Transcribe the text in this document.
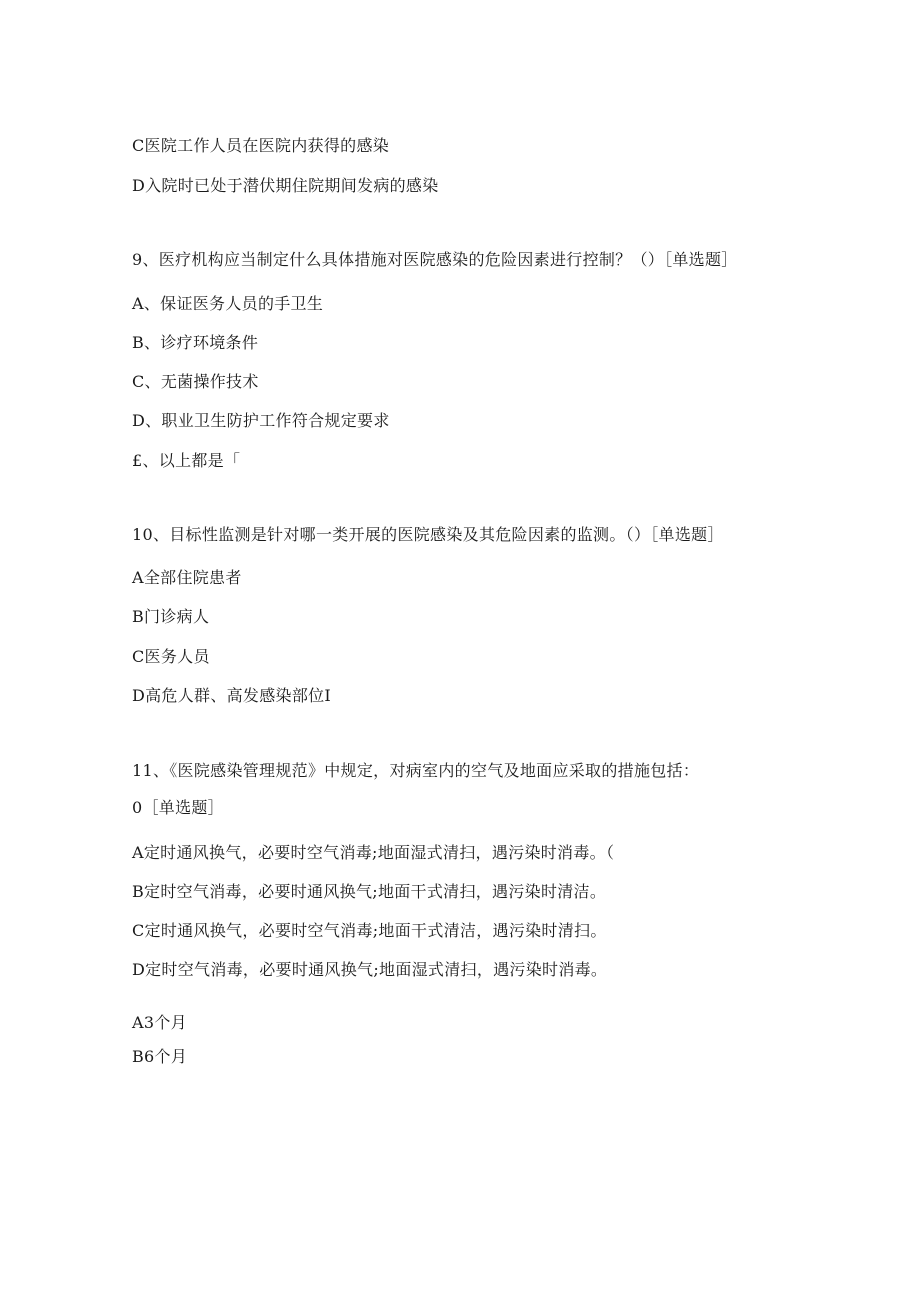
C医院工作人员在医院内获得的感染
D入院时已处于潜伏期住院期间发病的感染
9、医疗机构应当制定什么具体措施对医院感染的危险因素进行控制？（）［单选题］
A、保证医务人员的手卫生
B、诊疗环境条件
C、无菌操作技术
D、职业卫生防护工作符合规定要求
£、以上都是「
10、目标性监测是针对哪一类开展的医院感染及其危险因素的监测。（）［单选题］
A全部住院患者
B门诊病人
C医务人员
D高危人群、高发感染部位I
11、《医院感染管理规范》中规定，对病室内的空气及地面应采取的措施包括：
0［单选题］
A定时通风换气，必要时空气消毒;地面湿式清扫，遇污染时消毒。（
B定时空气消毒，必要时通风换气;地面干式清扫，遇污染时清洁。
C定时通风换气，必要时空气消毒;地面干式清洁，遇污染时清扫。
D定时空气消毒，必要时通风换气;地面湿式清扫，遇污染时消毒。
A3个月
B6个月
